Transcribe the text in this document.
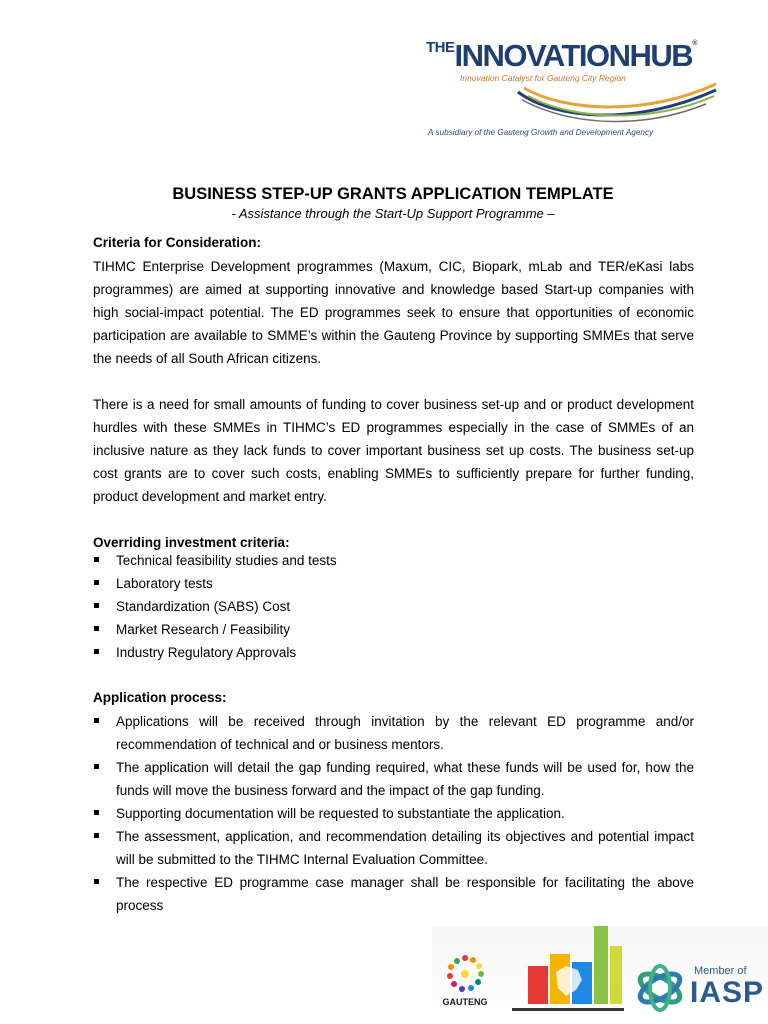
THEINNOVATIONHUB®
Innovation Catalyst for Gauteng City Region
A subsidiary of the Gauteng Growth and Development Agency
BUSINESS STEP-UP GRANTS APPLICATION TEMPLATE
- Assistance through the Start-Up Support Programme –
Criteria for Consideration:

TIHMC Enterprise Development programmes (Maxum, CIC, Biopark, mLab and TER/eKasi labs programmes) are aimed at supporting innovative and knowledge based Start-up companies with high social-impact potential. The ED programmes seek to ensure that opportunities of economic participation are available to SMME’s within the Gauteng Province by supporting SMMEs that serve the needs of all South African citizens.

There is a need for small amounts of funding to cover business set-up and or product development hurdles with these SMMEs in TIHMC’s ED programmes especially in the case of SMMEs of an inclusive nature as they lack funds to cover important business set up costs. The business set-up cost grants are to cover such costs, enabling SMMEs to sufficiently prepare for further funding, product development and market entry.

Overriding investment criteria:
Technical feasibility studies and tests
Laboratory tests
Standardization (SABS) Cost
Market Research / Feasibility
Industry Regulatory Approvals
Application process:
Applications will be received through invitation by the relevant ED programme and/or recommendation of technical and or business mentors.
The application will detail the gap funding required, what these funds will be used for, how the funds will move the business forward and the impact of the gap funding.
Supporting documentation will be requested to substantiate the application.
The assessment, application, and recommendation detailing its objectives and potential impact will be submitted to the TIHMC Internal Evaluation Committee.
The respective ED programme case manager shall be responsible for facilitating the above process
GAUTENG
Member of
IASP
